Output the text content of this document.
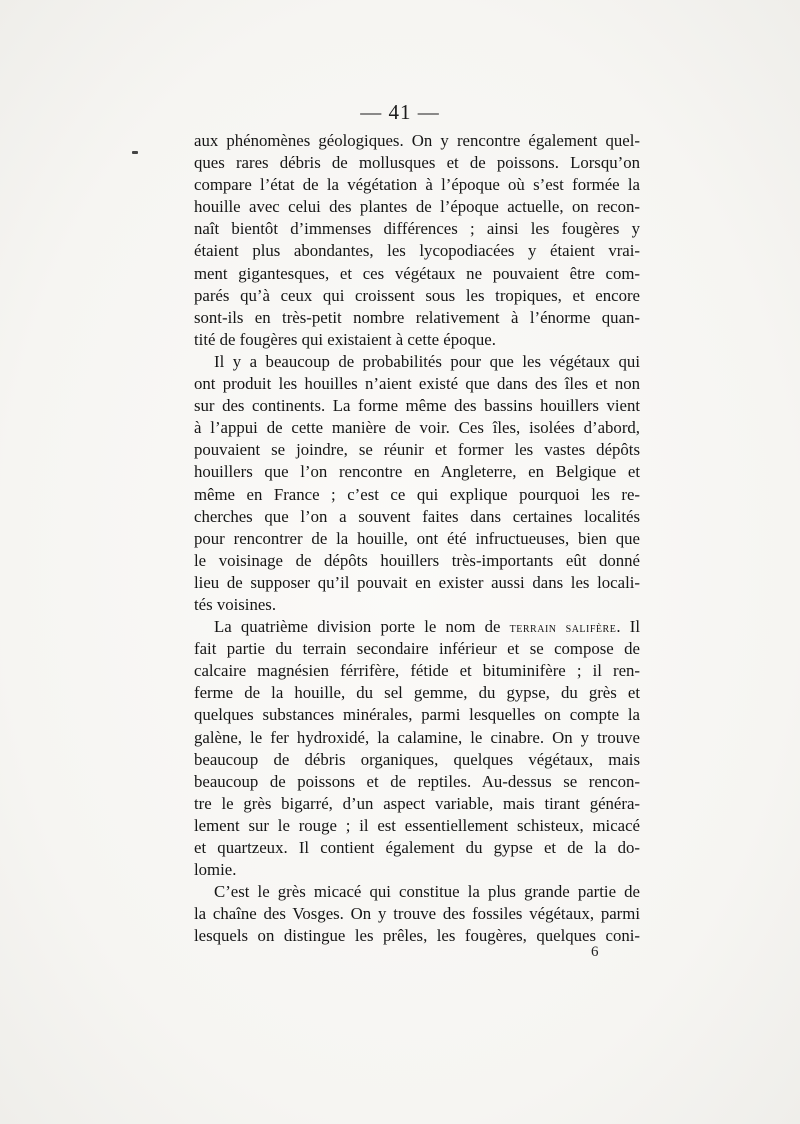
— 41 —
aux phénomènes géologiques. On y rencontre également quel-
ques rares débris de mollusques et de poissons. Lorsqu’on
compare l’état de la végétation à l’époque où s’est formée la
houille avec celui des plantes de l’époque actuelle, on recon-
naît bientôt d’immenses différences ; ainsi les fougères y
étaient plus abondantes, les lycopodiacées y étaient vrai-
ment gigantesques, et ces végétaux ne pouvaient être com-
parés qu’à ceux qui croissent sous les tropiques, et encore
sont-ils en très-petit nombre relativement à l’énorme quan-
tité de fougères qui existaient à cette époque.
Il y a beaucoup de probabilités pour que les végétaux qui
ont produit les houilles n’aient existé que dans des îles et non
sur des continents. La forme même des bassins houillers vient
à l’appui de cette manière de voir. Ces îles, isolées d’abord,
pouvaient se joindre, se réunir et former les vastes dépôts
houillers que l’on rencontre en Angleterre, en Belgique et
même en France ; c’est ce qui explique pourquoi les re-
cherches que l’on a souvent faites dans certaines localités
pour rencontrer de la houille, ont été infructueuses, bien que
le voisinage de dépôts houillers très-importants eût donné
lieu de supposer qu’il pouvait en exister aussi dans les locali-
tés voisines.
La quatrième division porte le nom de terrain salifère. Il
fait partie du terrain secondaire inférieur et se compose de
calcaire magnésien férrifère, fétide et bituminifère ; il ren-
ferme de la houille, du sel gemme, du gypse, du grès et
quelques substances minérales, parmi lesquelles on compte la
galène, le fer hydroxidé, la calamine, le cinabre. On y trouve
beaucoup de débris organiques, quelques végétaux, mais
beaucoup de poissons et de reptiles. Au-dessus se rencon-
tre le grès bigarré, d’un aspect variable, mais tirant généra-
lement sur le rouge ; il est essentiellement schisteux, micacé
et quartzeux. Il contient également du gypse et de la do-
lomie.
C’est le grès micacé qui constitue la plus grande partie de
la chaîne des Vosges. On y trouve des fossiles végétaux, parmi
lesquels on distingue les prêles, les fougères, quelques coni-
6
